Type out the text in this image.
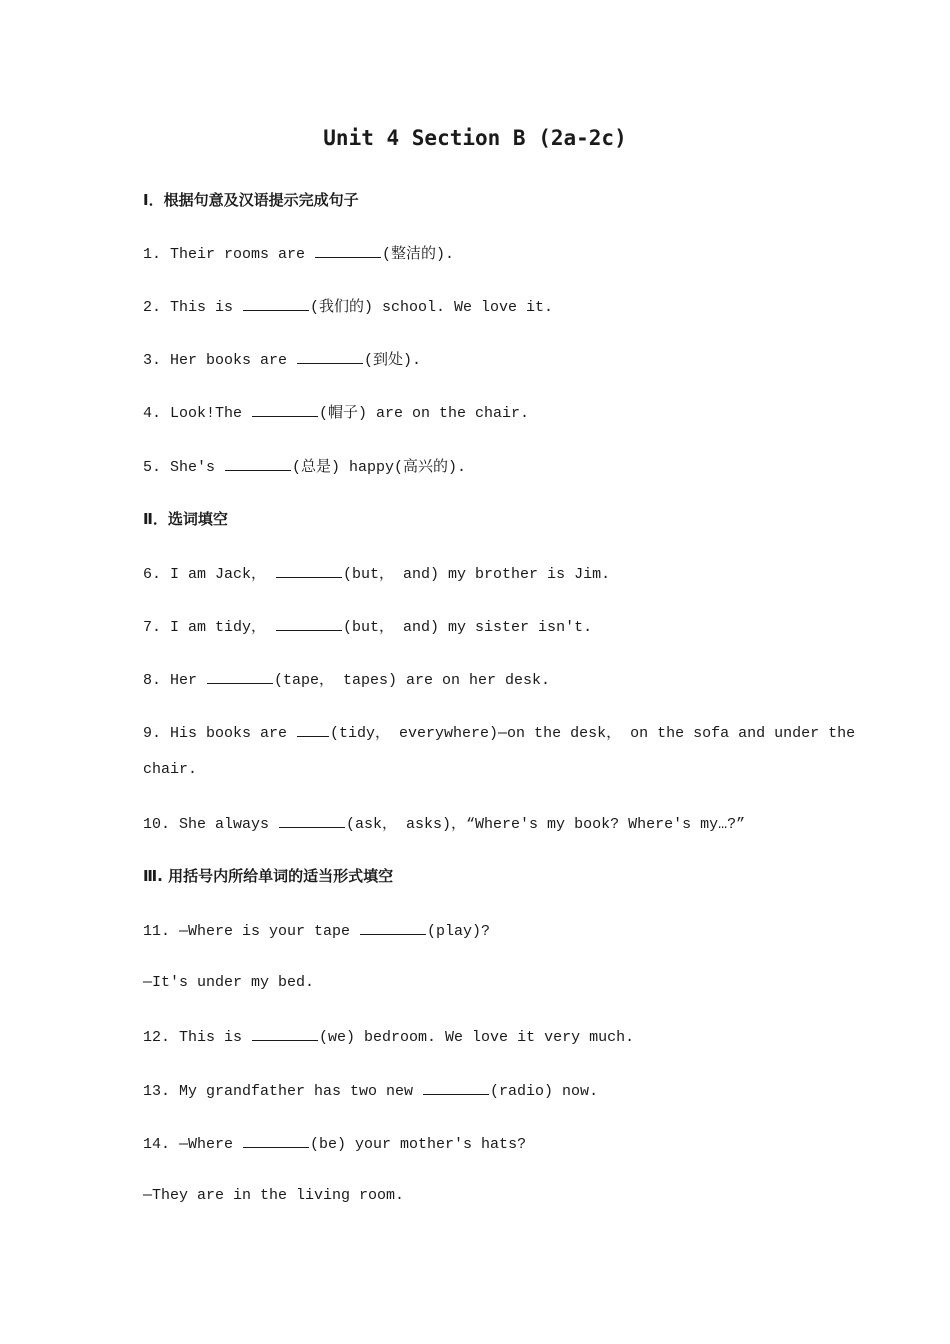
Unit 4 Section B (2a-2c)
Ⅰ．根据句意及汉语提示完成句子
1. Their rooms are	(整洁的).
2. This is	(我们的) school. We love it.
3. Her books are	(到处).
4. Look!The	(帽子) are on the chair.
5. She′s	(总是) happy(高兴的).
Ⅱ．选词填空
6. I am Jack，	(but， and) my brother is Jim.
7. I am tidy，	(but， and) my sister isn′t.
8. Her	(tape， tapes) are on her desk.
9. His books are (tidy， everywhere)—on the desk， on the sofa and under the
chair.
10. She always	(ask， asks)，“Where′s my book? Where′s my…?”
Ⅲ. 用括号内所给单词的适当形式填空
11. —Where is your tape	(play)?
—It′s under my bed.
12. This is	(we) bedroom. We love it very much.
13. My grandfather has two new	(radio) now.
14. —Where	(be) your mother′s hats?
—They are in the living room.
